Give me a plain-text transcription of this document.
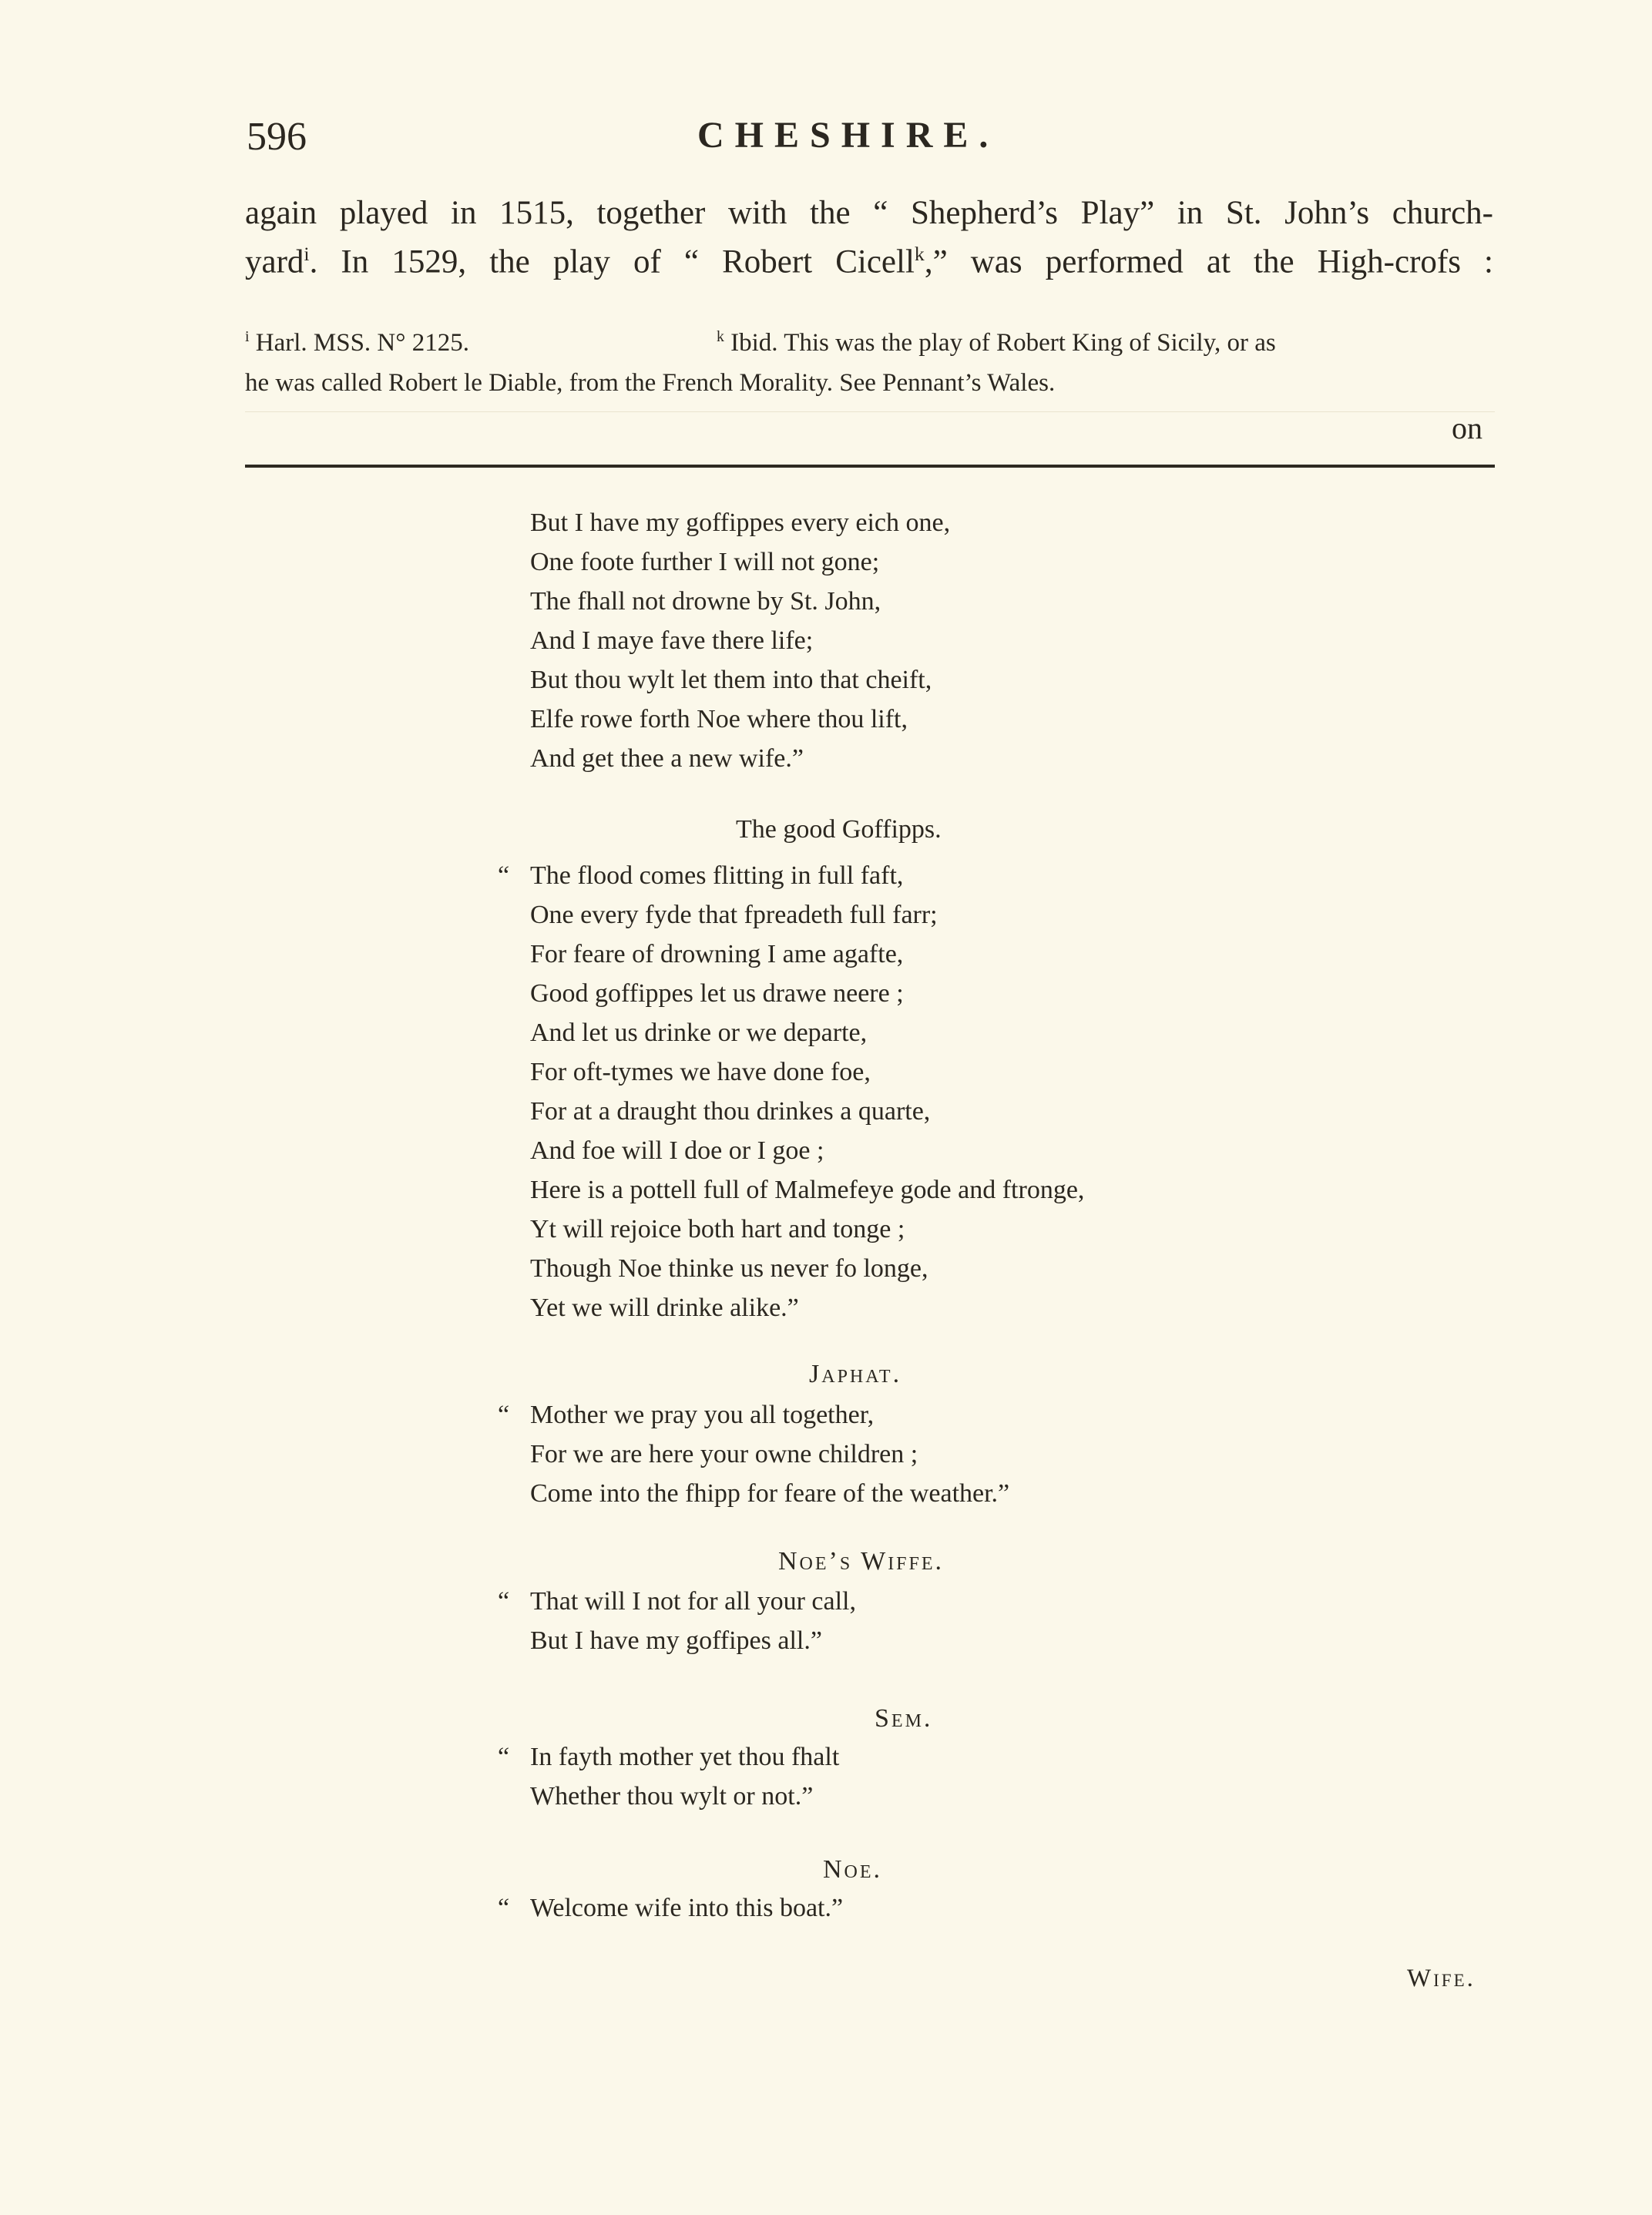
596	CHESHIRE.
again played in 1515, together with the “ Shepherd’s Play” in St. John’s church-
yard$^i$. In 1529, the play of “ Robert Cicell$^k$,” was performed at the High-crofs :
$^i$ Harl. MSS. N° 2125.	$^k$ Ibid. This was the play of Robert King of Sicily, or as
he was called Robert le Diable, from the French Morality. See Pennant’s Wales.
on
But I have my goffippes every eich one,
One foote further I will not gone;
The fhall not drowne by St. John,
And I maye fave there life;
But thou wylt let them into that cheift,
Elfe rowe forth Noe where thou lift,
And get thee a new wife.”
The good Goffipps.
“ The flood comes flitting in full faft,
One every fyde that fpreadeth full farr;
For feare of drowning I ame agafte,
Good goffippes let us drawe neere ;
And let us drinke or we departe,
For oft-tymes we have done foe,
For at a draught thou drinkes a quarte,
And foe will I doe or I goe ;
Here is a pottell full of Malmefeye gode and ftronge,
Yt will rejoice both hart and tonge ;
Though Noe thinke us never fo longe,
Yet we will drinke alike.”
Japhat.
“ Mother we pray you all together,
For we are here your owne children ;
Come into the fhipp for feare of the weather.”
Noe’s Wiffe.
“ That will I not for all your call,
But I have my goffipes all.”
Sem.
“ In fayth mother yet thou fhalt
Whether thou wylt or not.”
Noe.
“ Welcome wife into this boat.”
Wife.
